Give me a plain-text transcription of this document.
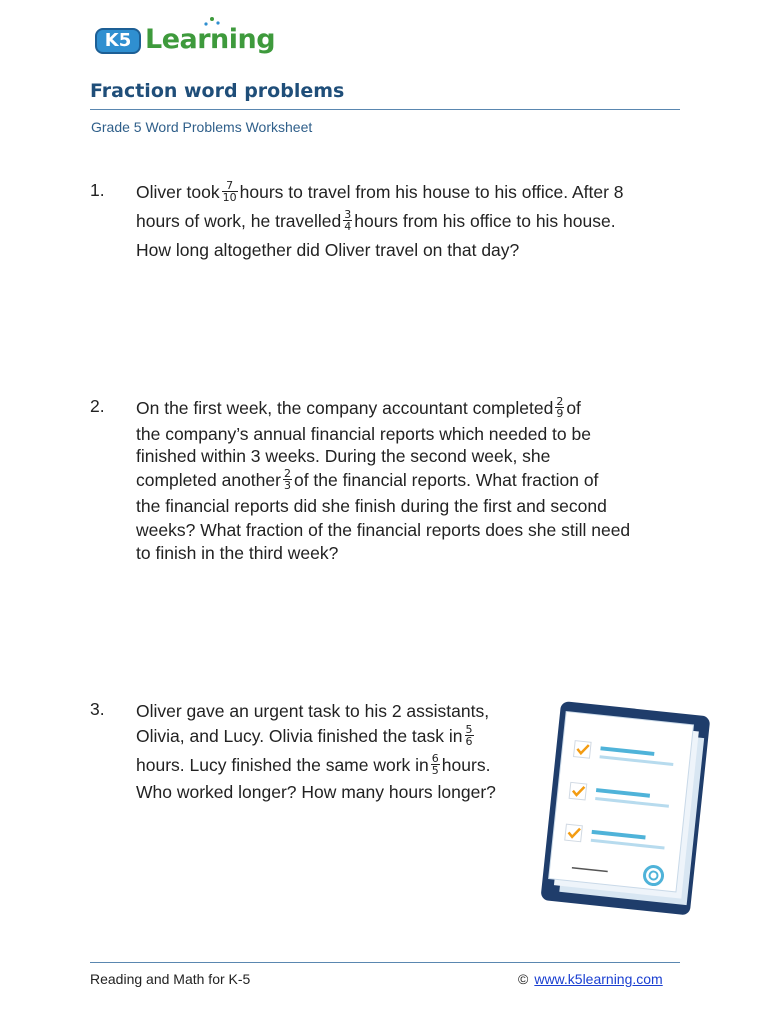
K5 Learning
Fraction word problems
Grade 5 Word Problems Worksheet
1.	Oliver took $\frac{7}{10}$ hours to travel from his house to his office. After 8
hours of work, he travelled $\frac{3}{4}$ hours from his office to his house.
How long altogether did Oliver travel on that day?
2.	On the first week, the company accountant completed $\frac{2}{9}$ of
the company’s annual financial reports which needed to be
finished within 3 weeks. During the second week, she
completed another $\frac{2}{3}$ of the financial reports. What fraction of
the financial reports did she finish during the first and second
weeks? What fraction of the financial reports does she still need
to finish in the third week?
3.	Oliver gave an urgent task to his 2 assistants,
Olivia, and Lucy. Olivia finished the task in $\frac{5}{6}$
hours. Lucy finished the same work in $\frac{6}{5}$ hours.
Who worked longer? How many hours longer?
Reading and Math for K-5	© www.k5learning.com
